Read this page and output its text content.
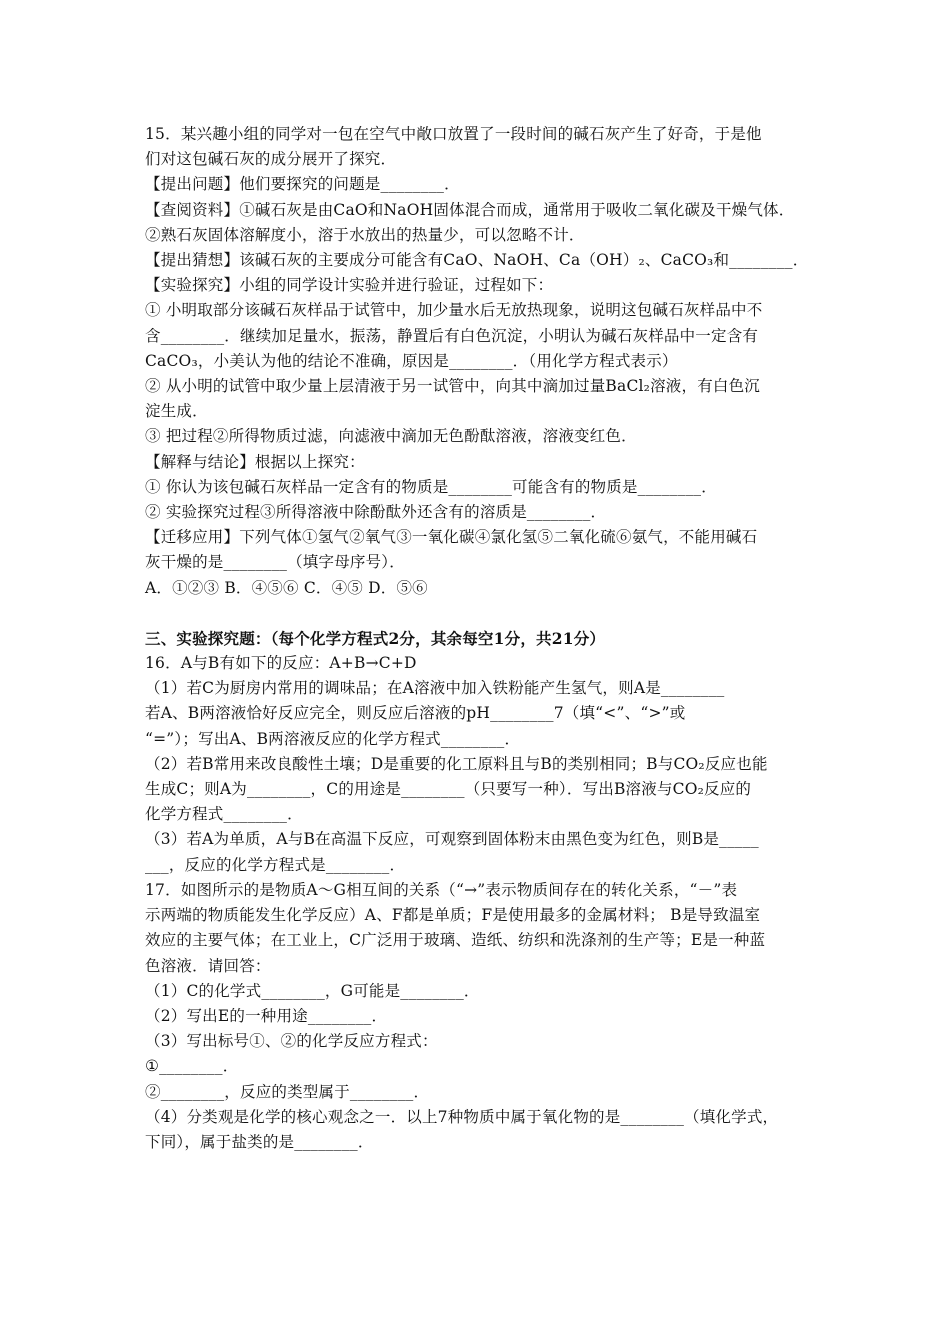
15．某兴趣小组的同学对一包在空气中敞口放置了一段时间的碱石灰产生了好奇，于是他
们对这包碱石灰的成分展开了探究．
【提出问题】他们要探究的问题是________．
【查阅资料】①碱石灰是由CaO和NaOH固体混合而成，通常用于吸收二氧化碳及干燥气体．
②熟石灰固体溶解度小，溶于水放出的热量少，可以忽略不计．
【提出猜想】该碱石灰的主要成分可能含有CaO、NaOH、Ca（OH）₂、CaCO₃和________．
【实验探究】小组的同学设计实验并进行验证，过程如下：
① 小明取部分该碱石灰样品于试管中，加少量水后无放热现象，说明这包碱石灰样品中不
含________．继续加足量水，振荡，静置后有白色沉淀，小明认为碱石灰样品中一定含有
CaCO₃，小美认为他的结论不准确，原因是________．（用化学方程式表示）
② 从小明的试管中取少量上层清液于另一试管中，向其中滴加过量BaCl₂溶液，有白色沉
淀生成．
③ 把过程②所得物质过滤，向滤液中滴加无色酚酞溶液，溶液变红色．
【解释与结论】根据以上探究：
① 你认为该包碱石灰样品一定含有的物质是________可能含有的物质是________．
② 实验探究过程③所得溶液中除酚酞外还含有的溶质是________．
【迁移应用】下列气体①氢气②氧气③一氧化碳④氯化氢⑤二氧化硫⑥氨气，不能用碱石
灰干燥的是________（填字母序号）．
A．①②③ B．④⑤⑥ C．④⑤ D．⑤⑥
三、实验探究题：（每个化学方程式2分，其余每空1分，共21分）
16．A与B有如下的反应：A+B→C+D
（1）若C为厨房内常用的调味品；在A溶液中加入铁粉能产生氢气，则A是________
若A、B两溶液恰好反应完全，则反应后溶液的pH________7（填“<”、“>”或
“=”）；写出A、B两溶液反应的化学方程式________．
（2）若B常用来改良酸性土壤；D是重要的化工原料且与B的类别相同；B与CO₂反应也能
生成C；则A为________，C的用途是________（只要写一种）．写出B溶液与CO₂反应的
化学方程式________．
（3）若A为单质，A与B在高温下反应，可观察到固体粉末由黑色变为红色，则B是_____
___，反应的化学方程式是________．
17．如图所示的是物质A～G相互间的关系（“→”表示物质间存在的转化关系，“－”表
示两端的物质能发生化学反应）A、F都是单质；F是使用最多的金属材料； B是导致温室
效应的主要气体；在工业上，C广泛用于玻璃、造纸、纺织和洗涤剂的生产等；E是一种蓝
色溶液．请回答：
（1）C的化学式________，G可能是________．
（2）写出E的一种用途________．
（3）写出标号①、②的化学反应方程式：
①________．
②________，反应的类型属于________．
（4）分类观是化学的核心观念之一．以上7种物质中属于氧化物的是________（填化学式，
下同），属于盐类的是________．
